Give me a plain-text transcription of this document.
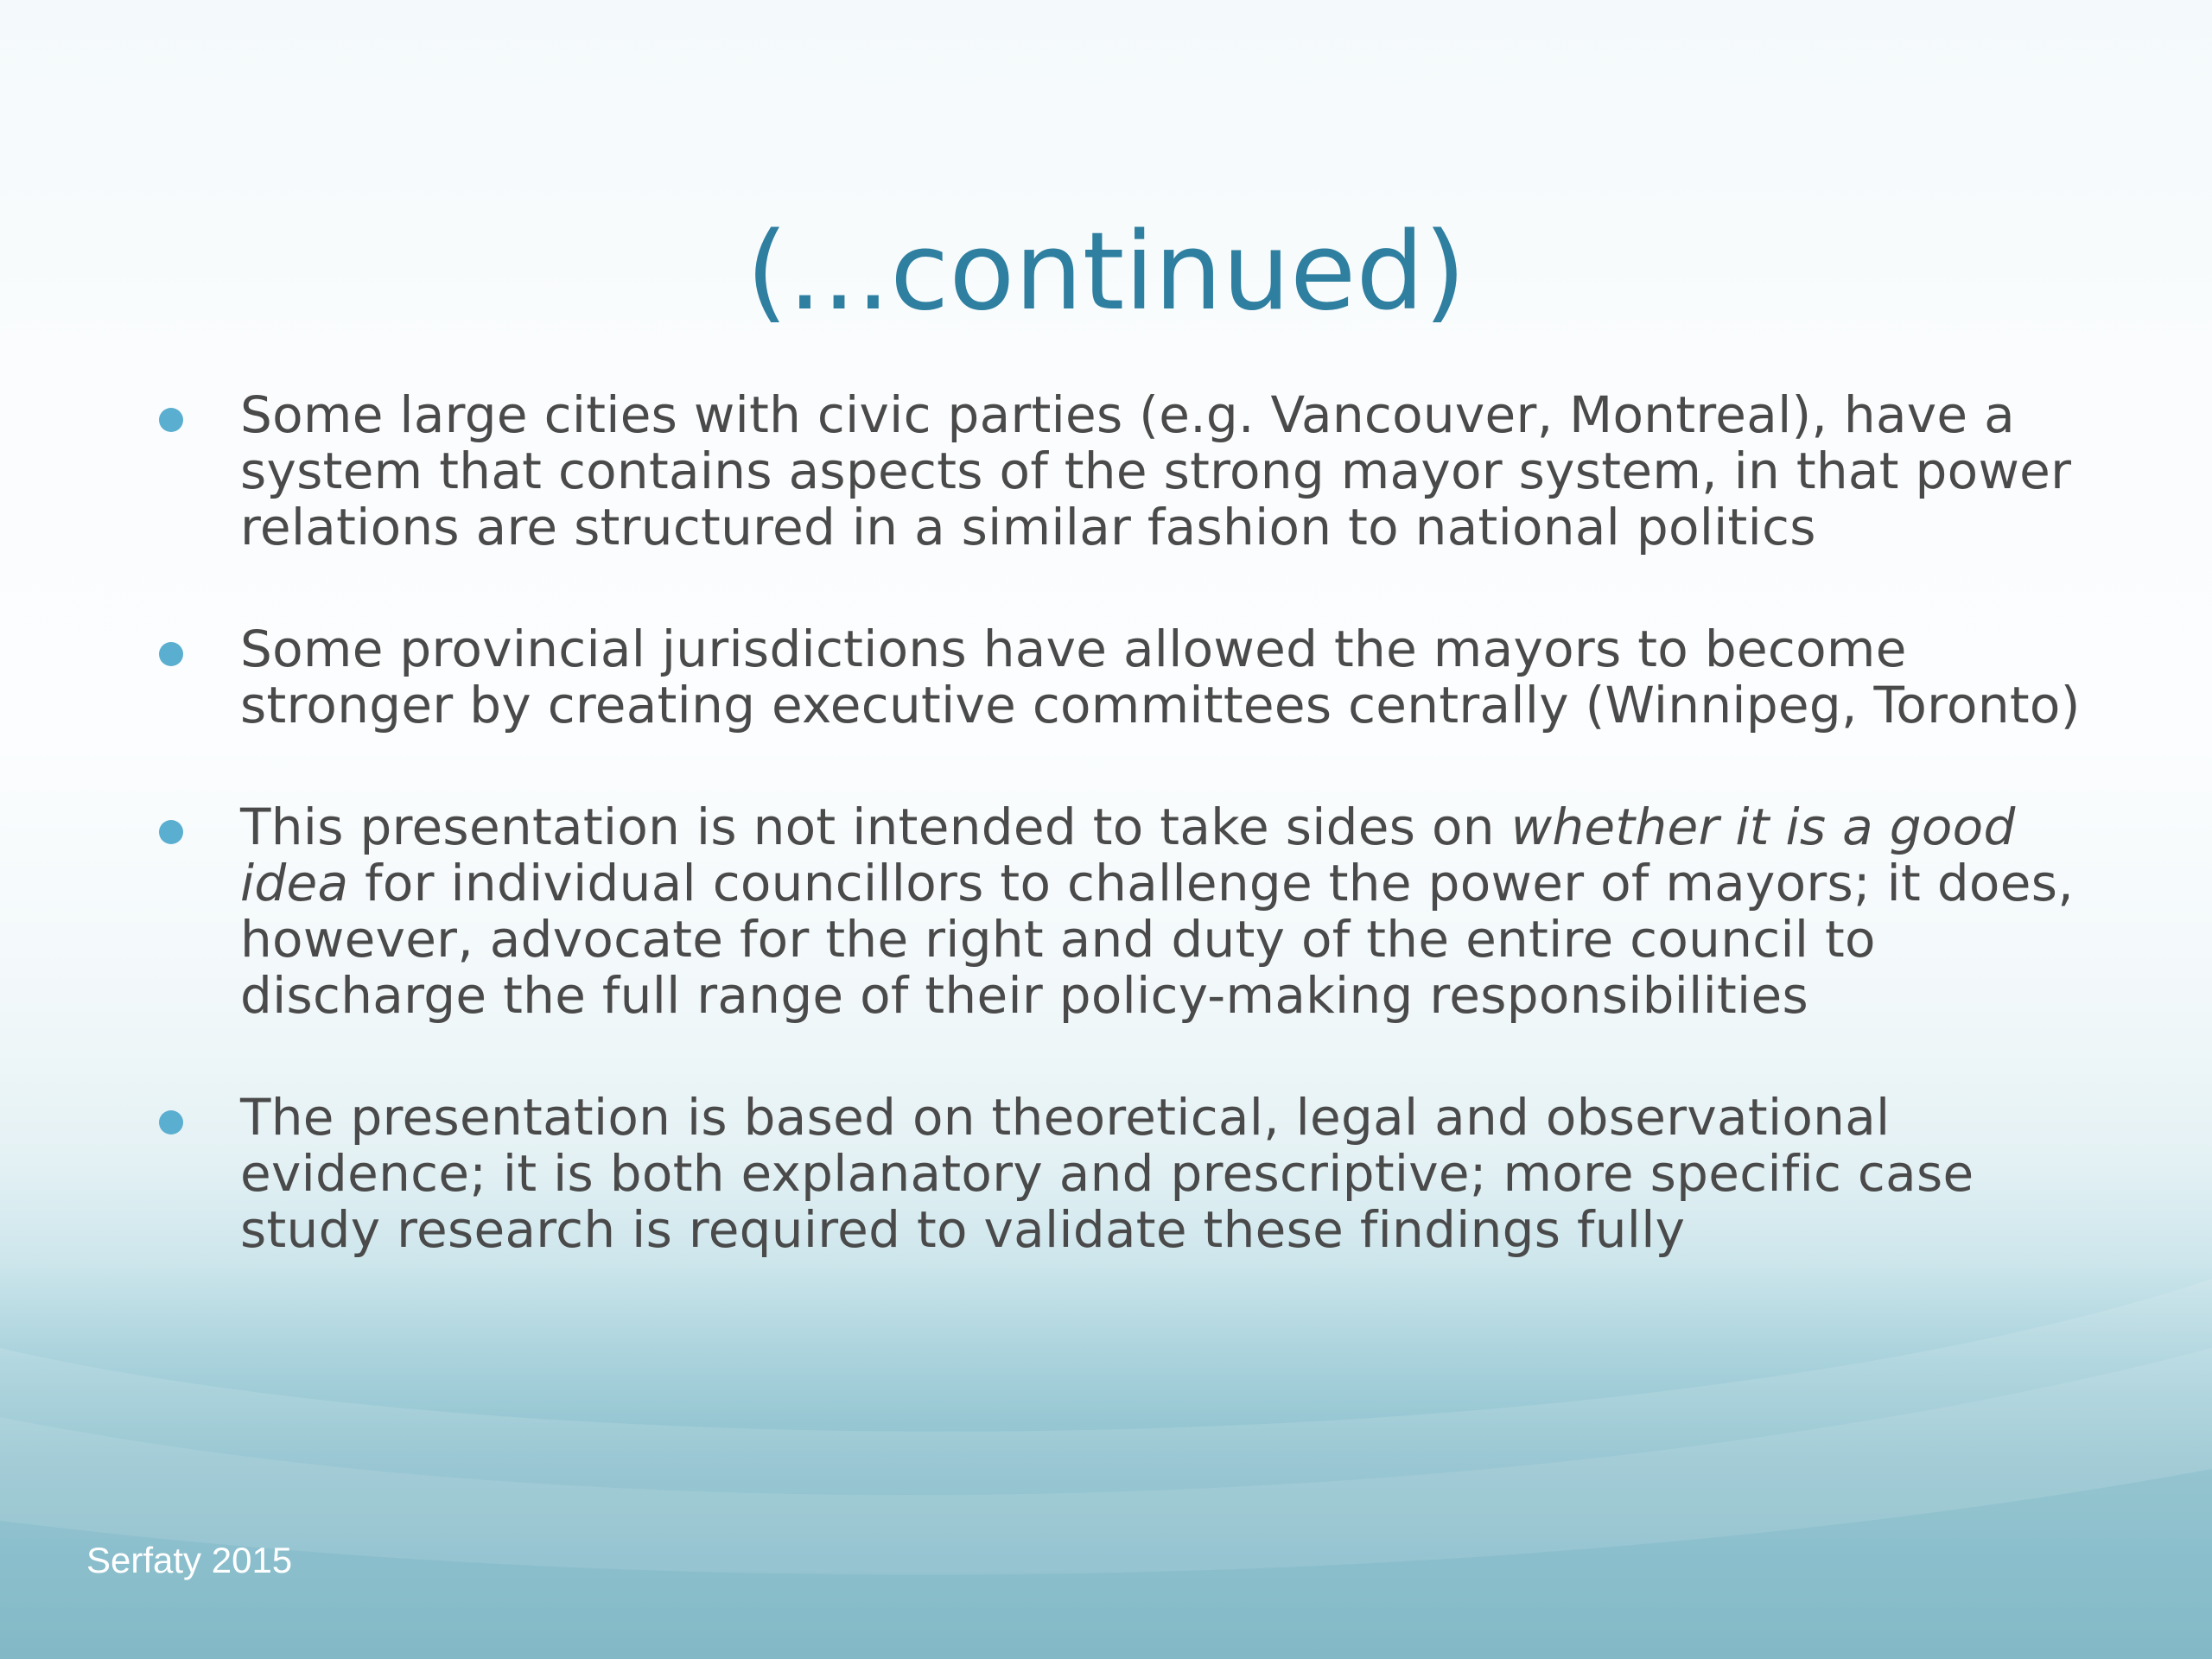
(...continued)
Some large cities with civic parties (e.g. Vancouver, Montreal), have a system that contains aspects of the strong mayor system, in that power relations are structured in a similar fashion to national politics
Some provincial jurisdictions have allowed the mayors to become stronger by creating executive committees centrally (Winnipeg, Toronto)
This presentation is not intended to take sides on whether it is a good idea for individual councillors to challenge the power of mayors; it does, however, advocate for the right and duty of the entire council to discharge the full range of their policy-making responsibilities
The presentation is based on theoretical, legal and observational evidence; it is both explanatory and prescriptive; more specific case study research is required to validate these findings fully
Serfaty 2015
